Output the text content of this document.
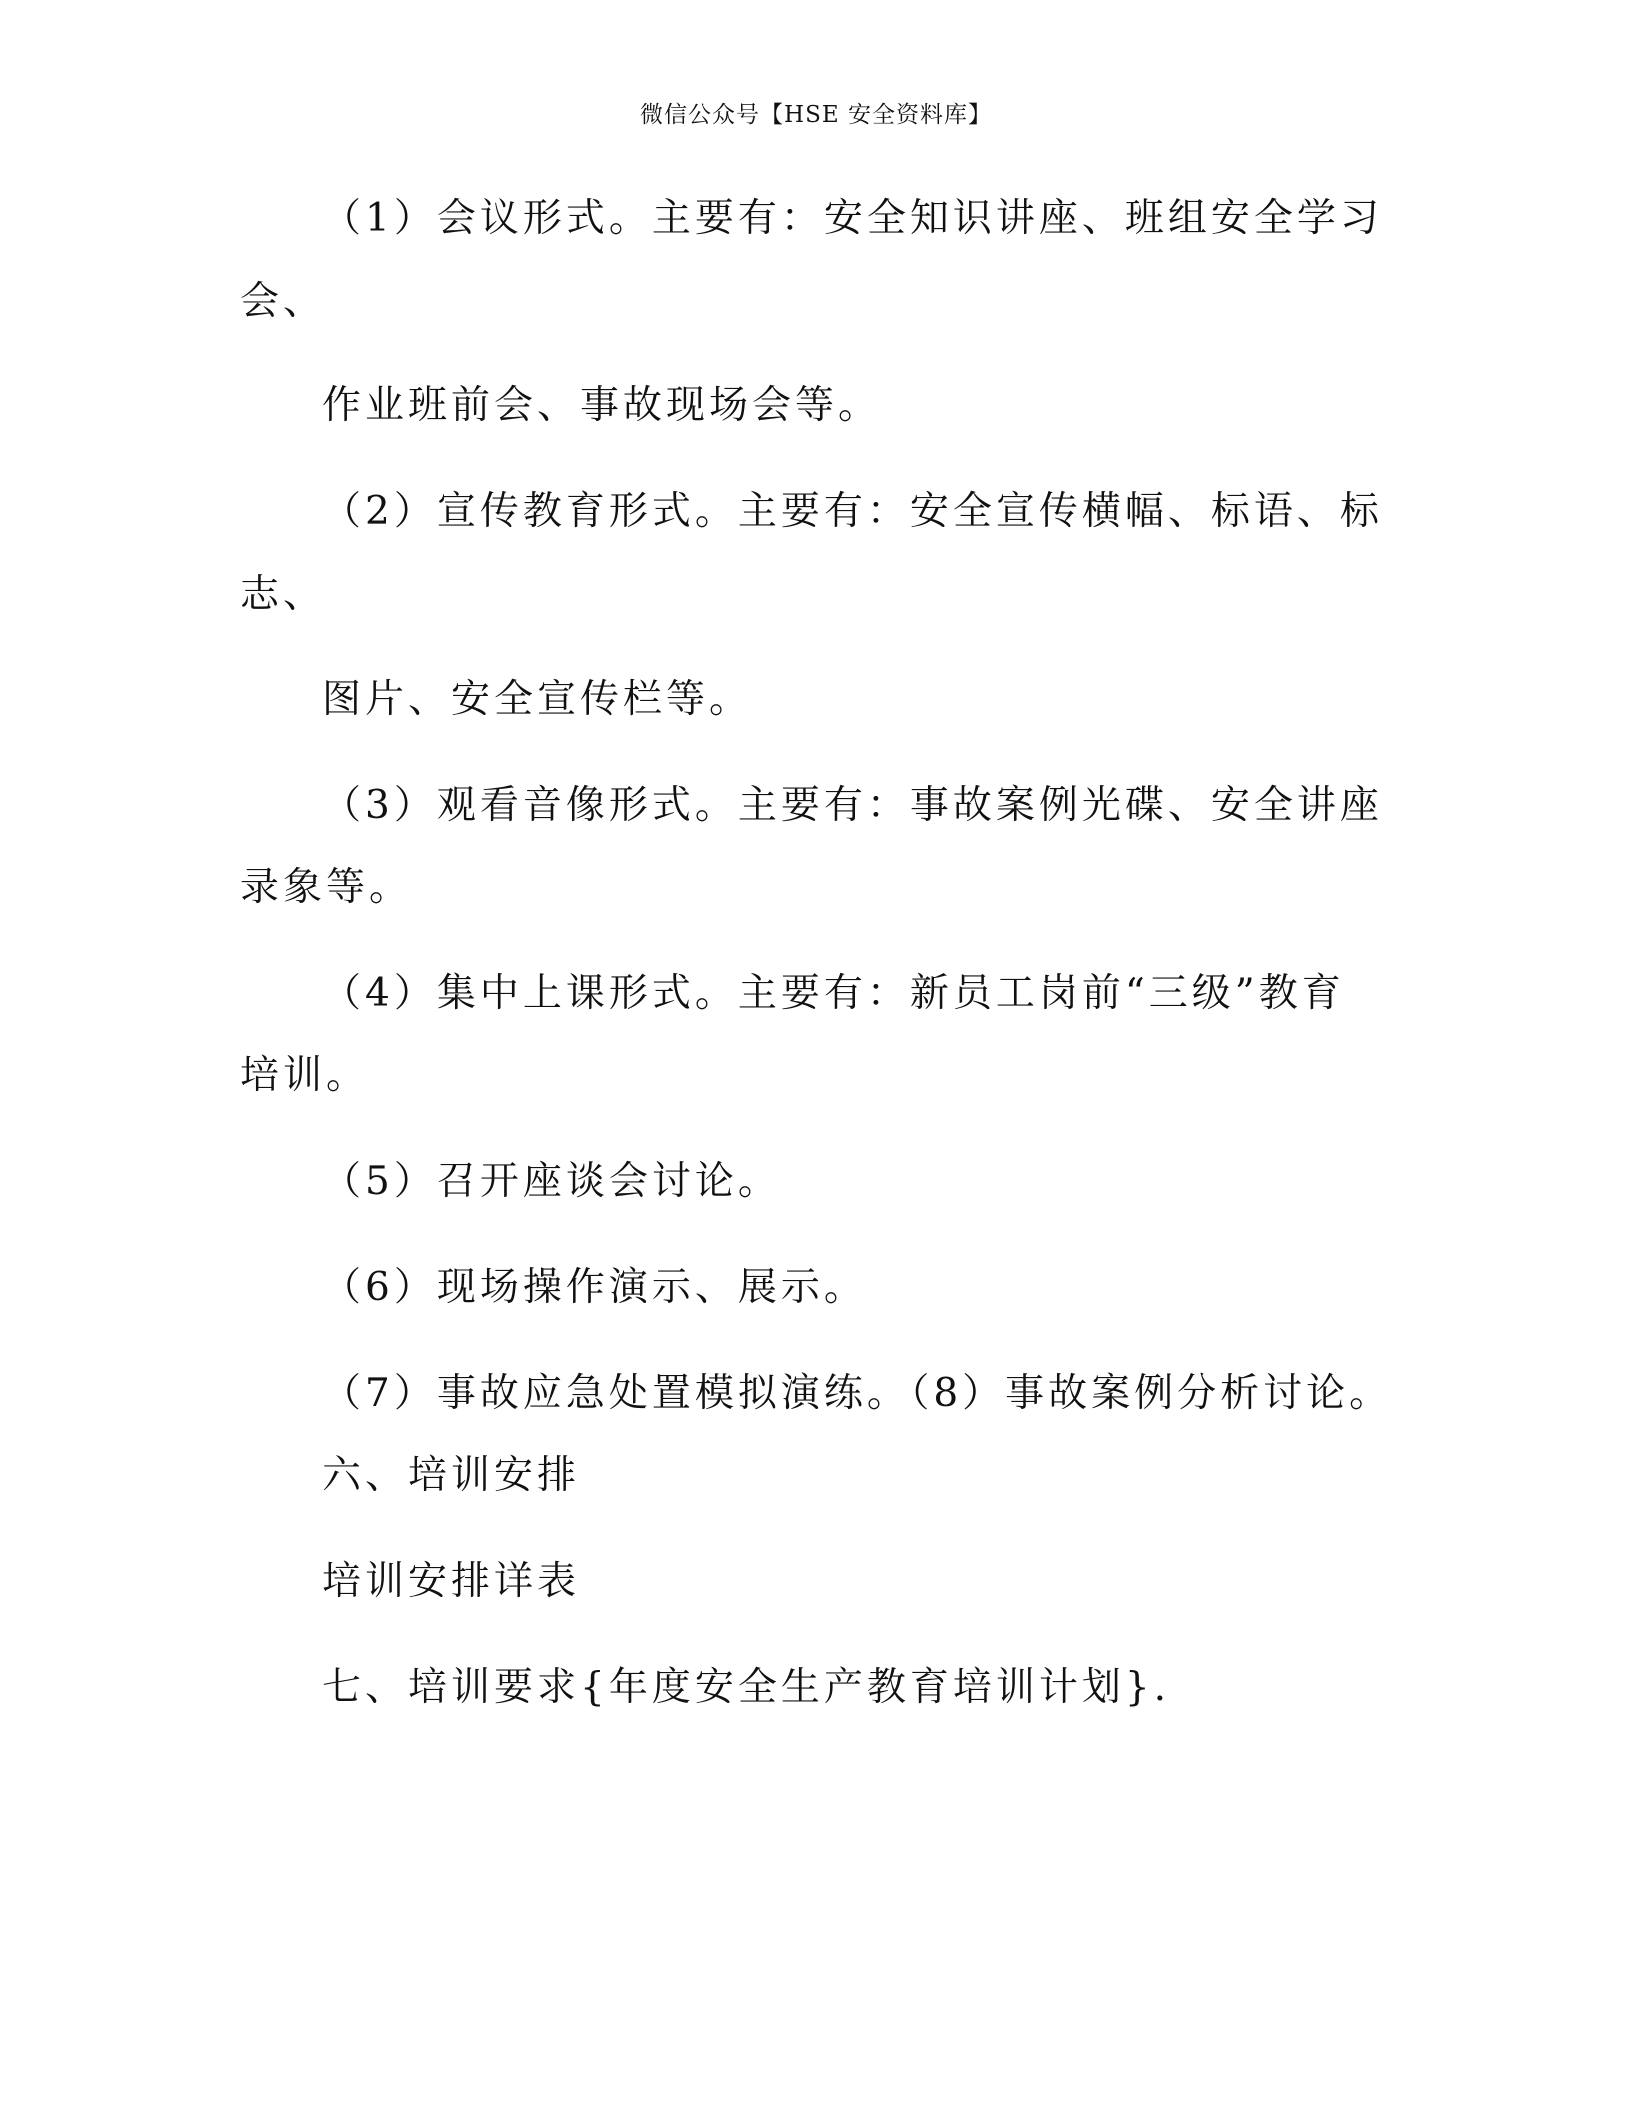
微信公众号【HSE 安全资料库】
（1）会议形式。主要有：安全知识讲座、班组安全学习
会、
作业班前会、事故现场会等。
（2）宣传教育形式。主要有：安全宣传横幅、标语、标
志、
图片、安全宣传栏等。
（3）观看音像形式。主要有：事故案例光碟、安全讲座
录象等。
（4）集中上课形式。主要有：新员工岗前“三级”教育
培训。
（5）召开座谈会讨论。
（6）现场操作演示、展示。
（7）事故应急处置模拟演练。（8）事故案例分析讨论。
六、培训安排
培训安排详表
七、培训要求{年度安全生产教育培训计划}.
